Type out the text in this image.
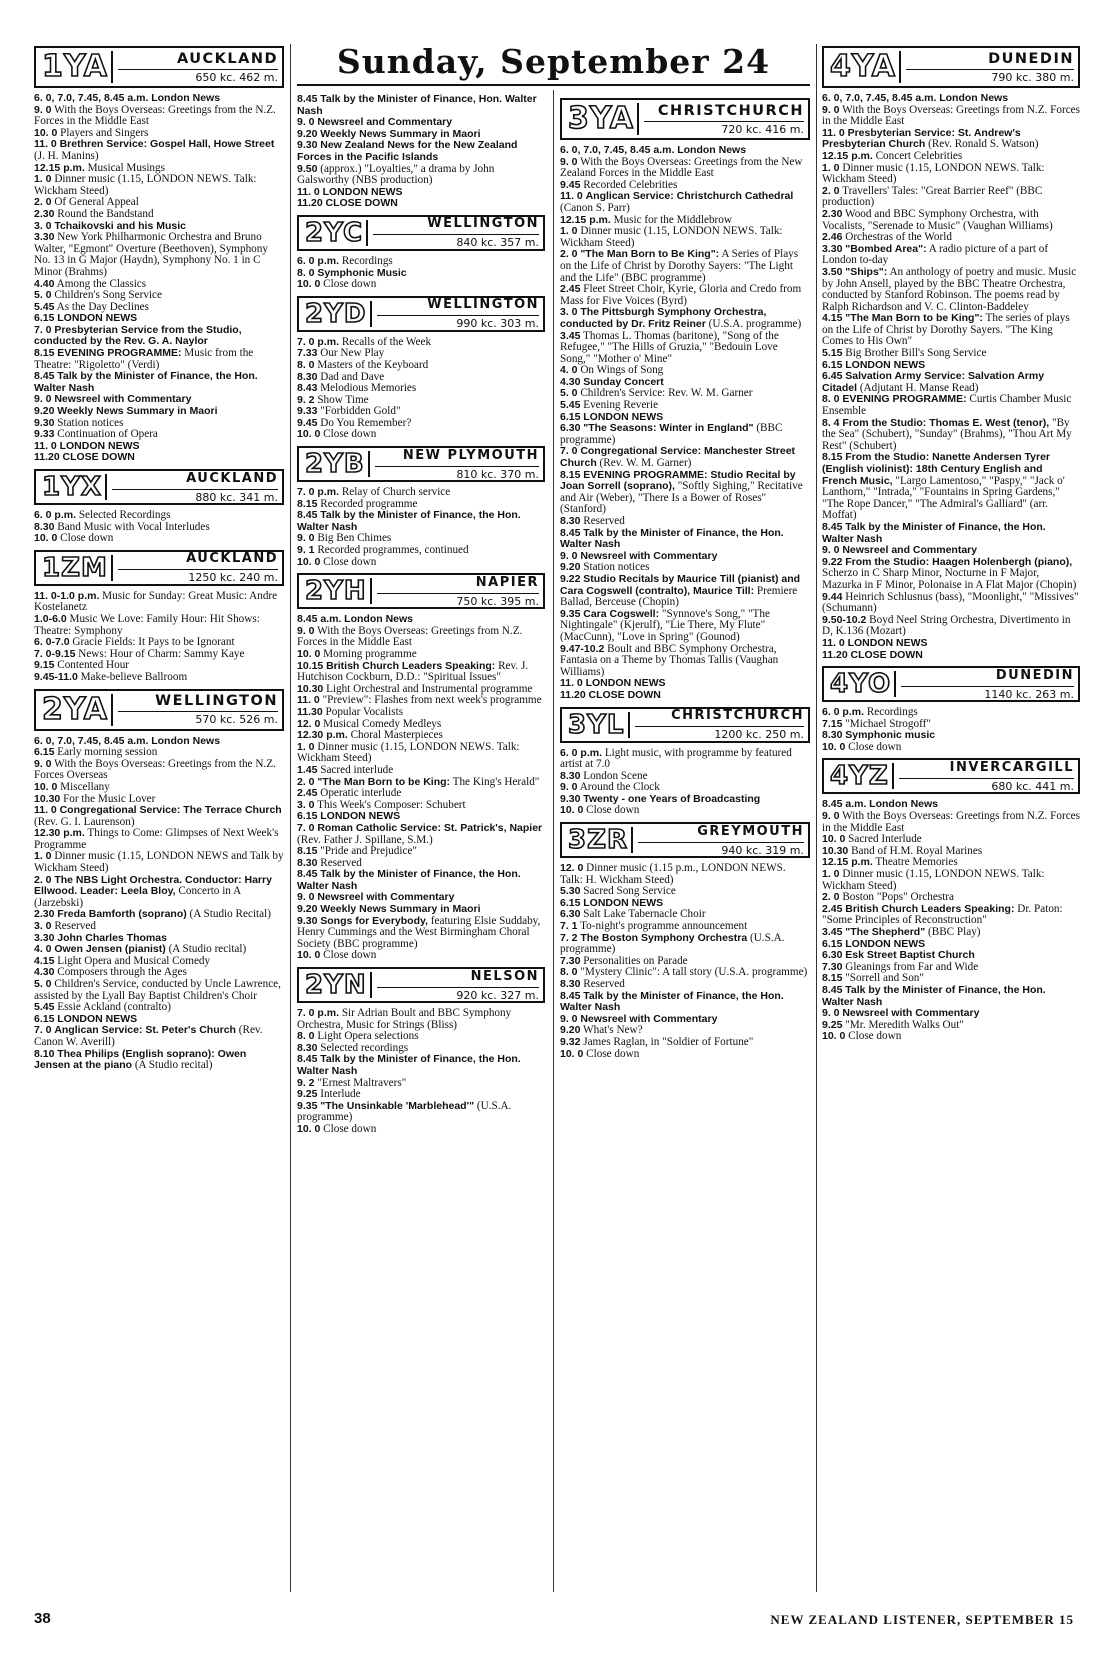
Sunday, September 24
1YA	AUCKLAND
650 kc. 462 m.
6. 0, 7.0, 7.45, 8.45 a.m. London News
9. 0 With the Boys Overseas: Greetings from the N.Z. Forces in the Middle East
10. 0 Players and Singers
11. 0 Brethren Service: Gospel Hall, Howe Street (J. H. Manins)
12.15 p.m. Musical Musings
1. 0 Dinner music (1.15, LONDON NEWS. Talk: Wickham Steed)
2. 0 Of General Appeal
2.30 Round the Bandstand
3. 0 Tchaikovski and his Music
3.30 New York Philharmonic Orchestra and Bruno Walter, "Egmont" Overture (Beethoven), Symphony No. 13 in G Major (Haydn), Symphony No. 1 in C Minor (Brahms)
4.40 Among the Classics
5. 0 Children's Song Service
5.45 As the Day Declines
6.15 LONDON NEWS
7. 0 Presbyterian Service from the Studio, conducted by the Rev. G. A. Naylor
8.15 EVENING PROGRAMME: Music from the Theatre: "Rigoletto" (Verdi)
8.45 Talk by the Minister of Finance, the Hon. Walter Nash
9. 0 Newsreel with Commentary
9.20 Weekly News Summary in Maori
9.30 Station notices
9.33 Continuation of Opera
11. 0 LONDON NEWS
11.20 CLOSE DOWN
1YX	AUCKLAND
880 kc. 341 m.
6. 0 p.m. Selected Recordings
8.30 Band Music with Vocal Interludes
10. 0 Close down
1ZM	AUCKLAND
1250 kc. 240 m.
11. 0-1.0 p.m. Music for Sunday: Great Music: Andre Kostelanetz
1.0-6.0 Music We Love: Family Hour: Hit Shows: Theatre: Symphony
6. 0-7.0 Gracie Fields: It Pays to be Ignorant
7. 0-9.15 News: Hour of Charm: Sammy Kaye
9.15 Contented Hour
9.45-11.0 Make-believe Ballroom
2YA	WELLINGTON
570 kc. 526 m.
6. 0, 7.0, 7.45, 8.45 a.m. London News
6.15 Early morning session
9. 0 With the Boys Overseas: Greetings from the N.Z. Forces Overseas
10. 0 Miscellany
10.30 For the Music Lover
11. 0 Congregational Service: The Terrace Church (Rev. G. I. Laurenson)
12.30 p.m. Things to Come: Glimpses of Next Week's Programme
1. 0 Dinner music (1.15, LONDON NEWS and Talk by Wickham Steed)
2. 0 The NBS Light Orchestra. Conductor: Harry Ellwood. Leader: Leela Bloy, Concerto in A (Jarzebski)
2.30 Freda Bamforth (soprano) (A Studio Recital)
3. 0 Reserved
3.30 John Charles Thomas
4. 0 Owen Jensen (pianist) (A Studio recital)
4.15 Light Opera and Musical Comedy
4.30 Composers through the Ages
5. 0 Children's Service, conducted by Uncle Lawrence, assisted by the Lyall Bay Baptist Children's Choir
5.45 Essie Ackland (contralto)
6.15 LONDON NEWS
7. 0 Anglican Service: St. Peter's Church (Rev. Canon W. Averill)
8.10 Thea Philips (English soprano): Owen Jensen at the piano (A Studio recital)
8.45 Talk by the Minister of Finance, Hon. Walter Nash
9. 0 Newsreel and Commentary
9.20 Weekly News Summary in Maori
9.30 New Zealand News for the New Zealand Forces in the Pacific Islands
9.50 (approx.) "Loyalties," a drama by John Galsworthy (NBS production)
11. 0 LONDON NEWS
11.20 CLOSE DOWN
2YC	WELLINGTON
840 kc. 357 m.
6. 0 p.m. Recordings
8. 0 Symphonic Music
10. 0 Close down
2YD	WELLINGTON
990 kc. 303 m.
7. 0 p.m. Recalls of the Week
7.33 Our New Play
8. 0 Masters of the Keyboard
8.30 Dad and Dave
8.43 Melodious Memories
9. 2 Show Time
9.33 "Forbidden Gold"
9.45 Do You Remember?
10. 0 Close down
2YB	NEW PLYMOUTH
810 kc. 370 m.
7. 0 p.m. Relay of Church service
8.15 Recorded programme
8.45 Talk by the Minister of Finance, the Hon. Walter Nash
9. 0 Big Ben Chimes
9. 1 Recorded programmes, continued
10. 0 Close down
2YH	NAPIER
750 kc. 395 m.
8.45 a.m. London News
9. 0 With the Boys Overseas: Greetings from N.Z. Forces in the Middle East
10. 0 Morning programme
10.15 British Church Leaders Speaking: Rev. J. Hutchison Cockburn, D.D.: "Spiritual Issues"
10.30 Light Orchestral and Instrumental programme
11. 0 "Preview": Flashes from next week's programme
11.30 Popular Vocalists
12. 0 Musical Comedy Medleys
12.30 p.m. Choral Masterpieces
1. 0 Dinner music (1.15, LONDON NEWS. Talk: Wickham Steed)
1.45 Sacred interlude
2. 0 "The Man Born to be King: The King's Herald"
2.45 Operatic interlude
3. 0 This Week's Composer: Schubert
6.15 LONDON NEWS
7. 0 Roman Catholic Service: St. Patrick's, Napier (Rev. Father J. Spillane, S.M.)
8.15 "Pride and Prejudice"
8.30 Reserved
8.45 Talk by the Minister of Finance, the Hon. Walter Nash
9. 0 Newsreel with Commentary
9.20 Weekly News Summary in Maori
9.30 Songs for Everybody, featuring Elsie Suddaby, Henry Cummings and the West Birmingham Choral Society (BBC programme)
10. 0 Close down
2YN	NELSON
920 kc. 327 m.
7. 0 p.m. Sir Adrian Boult and BBC Symphony Orchestra, Music for Strings (Bliss)
8. 0 Light Opera selections
8.30 Selected recordings
8.45 Talk by the Minister of Finance, the Hon. Walter Nash
9. 2 "Ernest Maltravers"
9.25 Interlude
9.35 "The Unsinkable 'Marblehead'" (U.S.A. programme)
10. 0 Close down
3YA	CHRISTCHURCH
720 kc. 416 m.
6. 0, 7.0, 7.45, 8.45 a.m. London News
9. 0 With the Boys Overseas: Greetings from the New Zealand Forces in the Middle East
9.45 Recorded Celebrities
11. 0 Anglican Service: Christchurch Cathedral (Canon S. Parr)
12.15 p.m. Music for the Middlebrow
1. 0 Dinner music (1.15, LONDON NEWS. Talk: Wickham Steed)
2. 0 "The Man Born to Be King": A Series of Plays on the Life of Christ by Dorothy Sayers: "The Light and the Life" (BBC programme)
2.45 Fleet Street Choir, Kyrie, Gloria and Credo from Mass for Five Voices (Byrd)
3. 0 The Pittsburgh Symphony Orchestra, conducted by Dr. Fritz Reiner (U.S.A. programme)
3.45 Thomas L. Thomas (baritone), "Song of the Refugee," "The Hills of Gruzia," "Bedouin Love Song," "Mother o' Mine"
4. 0 On Wings of Song
4.30 Sunday Concert
5. 0 Children's Service: Rev. W. M. Garner
5.45 Evening Reverie
6.15 LONDON NEWS
6.30 "The Seasons: Winter in England" (BBC programme)
7. 0 Congregational Service: Manchester Street Church (Rev. W. M. Garner)
8.15 EVENING PROGRAMME: Studio Recital by Joan Sorrell (soprano), "Softly Sighing," Recitative and Air (Weber), "There Is a Bower of Roses" (Stanford)
8.30 Reserved
8.45 Talk by the Minister of Finance, the Hon. Walter Nash
9. 0 Newsreel with Commentary
9.20 Station notices
9.22 Studio Recitals by Maurice Till (pianist) and Cara Cogswell (contralto), Maurice Till: Premiere Ballad, Berceuse (Chopin)
9.35 Cara Cogswell: "Synnove's Song," "The Nightingale" (Kjerulf), "Lie There, My Flute" (MacCunn), "Love in Spring" (Gounod)
9.47-10.2 Boult and BBC Symphony Orchestra, Fantasia on a Theme by Thomas Tallis (Vaughan Williams)
11. 0 LONDON NEWS
11.20 CLOSE DOWN
3YL	CHRISTCHURCH
1200 kc. 250 m.
6. 0 p.m. Light music, with programme by featured artist at 7.0
8.30 London Scene
9. 0 Around the Clock
9.30 Twenty - one Years of Broadcasting
10. 0 Close down
3ZR	GREYMOUTH
940 kc. 319 m.
12. 0 Dinner music (1.15 p.m., LONDON NEWS. Talk: H. Wickham Steed)
5.30 Sacred Song Service
6.15 LONDON NEWS
6.30 Salt Lake Tabernacle Choir
7. 1 To-night's programme announcement
7. 2 The Boston Symphony Orchestra (U.S.A. programme)
7.30 Personalities on Parade
8. 0 "Mystery Clinic": A tall story (U.S.A. programme)
8.30 Reserved
8.45 Talk by the Minister of Finance, the Hon. Walter Nash
9. 0 Newsreel with Commentary
9.20 What's New?
9.32 James Raglan, in "Soldier of Fortune"
10. 0 Close down
4YA	DUNEDIN
790 kc. 380 m.
6. 0, 7.0, 7.45, 8.45 a.m. London News
9. 0 With the Boys Overseas: Greetings from N.Z. Forces in the Middle East
11. 0 Presbyterian Service: St. Andrew's Presbyterian Church (Rev. Ronald S. Watson)
12.15 p.m. Concert Celebrities
1. 0 Dinner music (1.15, LONDON NEWS. Talk: Wickham Steed)
2. 0 Travellers' Tales: "Great Barrier Reef" (BBC production)
2.30 Wood and BBC Symphony Orchestra, with Vocalists, "Serenade to Music" (Vaughan Williams)
2.46 Orchestras of the World
3.30 "Bombed Area": A radio picture of a part of London to-day
3.50 "Ships": An anthology of poetry and music. Music by John Ansell, played by the BBC Theatre Orchestra, conducted by Stanford Robinson. The poems read by Ralph Richardson and V. C. Clinton-Baddeley
4.15 "The Man Born to be King": The series of plays on the Life of Christ by Dorothy Sayers. "The King Comes to His Own"
5.15 Big Brother Bill's Song Service
6.15 LONDON NEWS
6.45 Salvation Army Service: Salvation Army Citadel (Adjutant H. Manse Read)
8. 0 EVENING PROGRAMME: Curtis Chamber Music Ensemble
8. 4 From the Studio: Thomas E. West (tenor), "By the Sea" (Schubert), "Sunday" (Brahms), "Thou Art My Rest" (Schubert)
8.15 From the Studio: Nanette Andersen Tyrer (English violinist): 18th Century English and French Music, "Largo Lamentoso," "Paspy," "Jack o' Lanthorn," "Intrada," "Fountains in Spring Gardens," "The Rope Dancer," "The Admiral's Galliard" (arr. Moffat)
8.45 Talk by the Minister of Finance, the Hon. Walter Nash
9. 0 Newsreel and Commentary
9.22 From the Studio: Haagen Holenbergh (piano), Scherzo in C Sharp Minor, Nocturne in F Major, Mazurka in F Minor, Polonaise in A Flat Major (Chopin)
9.44 Heinrich Schlusnus (bass), "Moonlight," "Missives" (Schumann)
9.50-10.2 Boyd Neel String Orchestra, Divertimento in D, K.136 (Mozart)
11. 0 LONDON NEWS
11.20 CLOSE DOWN
4YO	DUNEDIN
1140 kc. 263 m.
6. 0 p.m. Recordings
7.15 "Michael Strogoff"
8.30 Symphonic music
10. 0 Close down
4YZ	INVERCARGILL
680 kc. 441 m.
8.45 a.m. London News
9. 0 With the Boys Overseas: Greetings from N.Z. Forces in the Middle East
10. 0 Sacred Interlude
10.30 Band of H.M. Royal Marines
12.15 p.m. Theatre Memories
1. 0 Dinner music (1.15, LONDON NEWS. Talk: Wickham Steed)
2. 0 Boston "Pops" Orchestra
2.45 British Church Leaders Speaking: Dr. Paton: "Some Principles of Reconstruction"
3.45 "The Shepherd" (BBC Play)
6.15 LONDON NEWS
6.30 Esk Street Baptist Church
7.30 Gleanings from Far and Wide
8.15 "Sorrell and Son"
8.45 Talk by the Minister of Finance, the Hon. Walter Nash
9. 0 Newsreel with Commentary
9.25 "Mr. Meredith Walks Out"
10. 0 Close down
38	NEW ZEALAND LISTENER, SEPTEMBER 15
